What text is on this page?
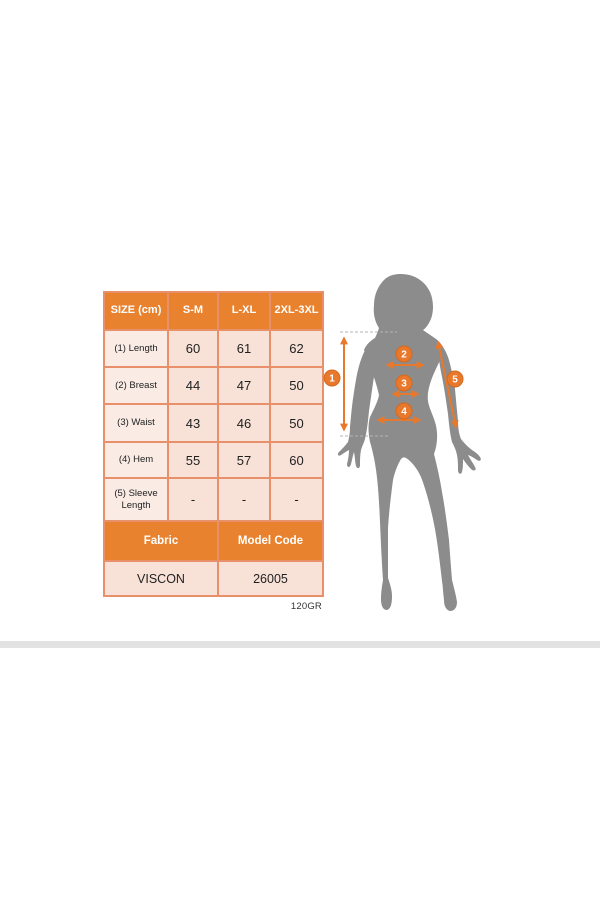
SIZE (cm)	S-M	L-XL	2XL-3XL
(1) Length	60	61	62
(2) Breast	44	47	50
(3) Waist	43	46	50
(4) Hem	55	57	60
(5) Sleeve Length	-	-	-
Fabric		Model Code	
VISCON		26005	
120GR
1
2
3
4
5
